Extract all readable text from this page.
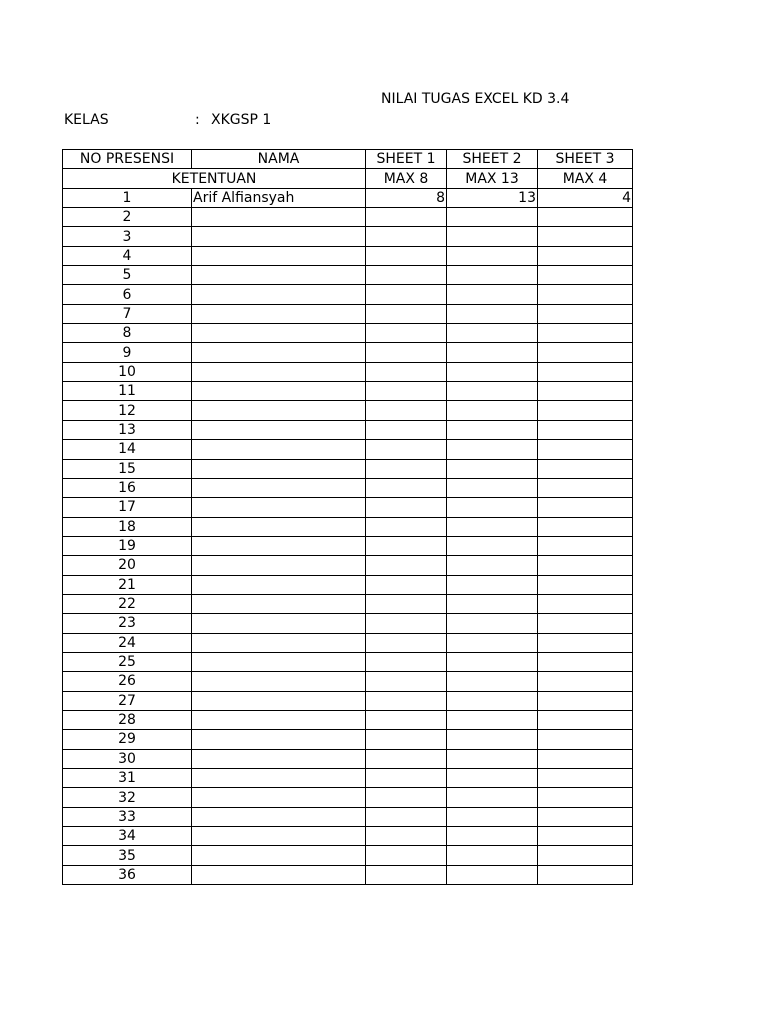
NILAI TUGAS EXCEL KD 3.4
KELAS	: XKGSP 1
NO PRESENSI	NAMA	SHEET 1	SHEET 2	SHEET 3
KETENTUAN		MAX 8	MAX 13	MAX 4
1	Arif Alfiansyah	8	13	4
2				
3				
4				
5				
6				
7				
8				
9				
10				
11				
12				
13				
14				
15				
16				
17				
18				
19				
20				
21				
22				
23				
24				
25				
26				
27				
28				
29				
30				
31				
32				
33				
34				
35				
36				
